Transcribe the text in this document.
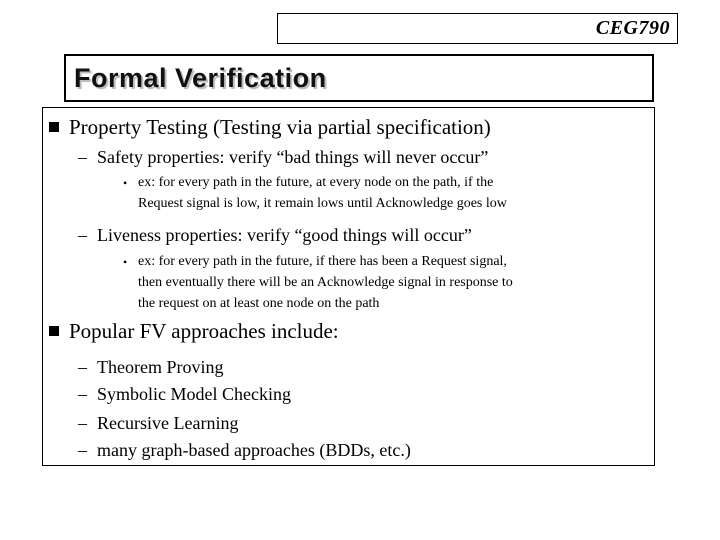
CEG790
Formal Verification
Property Testing (Testing via partial specification)
– Safety properties: verify “bad things will never occur”
• ex: for every path in the future, at every node on the path, if the
Request signal is low, it remain lows until Acknowledge goes low
– Liveness properties: verify “good things will occur”
• ex: for every path in the future, if there has been a Request signal,
then eventually there will be an Acknowledge signal in response to
the request on at least one node on the path
Popular FV approaches include:
– Theorem Proving
– Symbolic Model Checking
– Recursive Learning
– many graph-based approaches (BDDs, etc.)
